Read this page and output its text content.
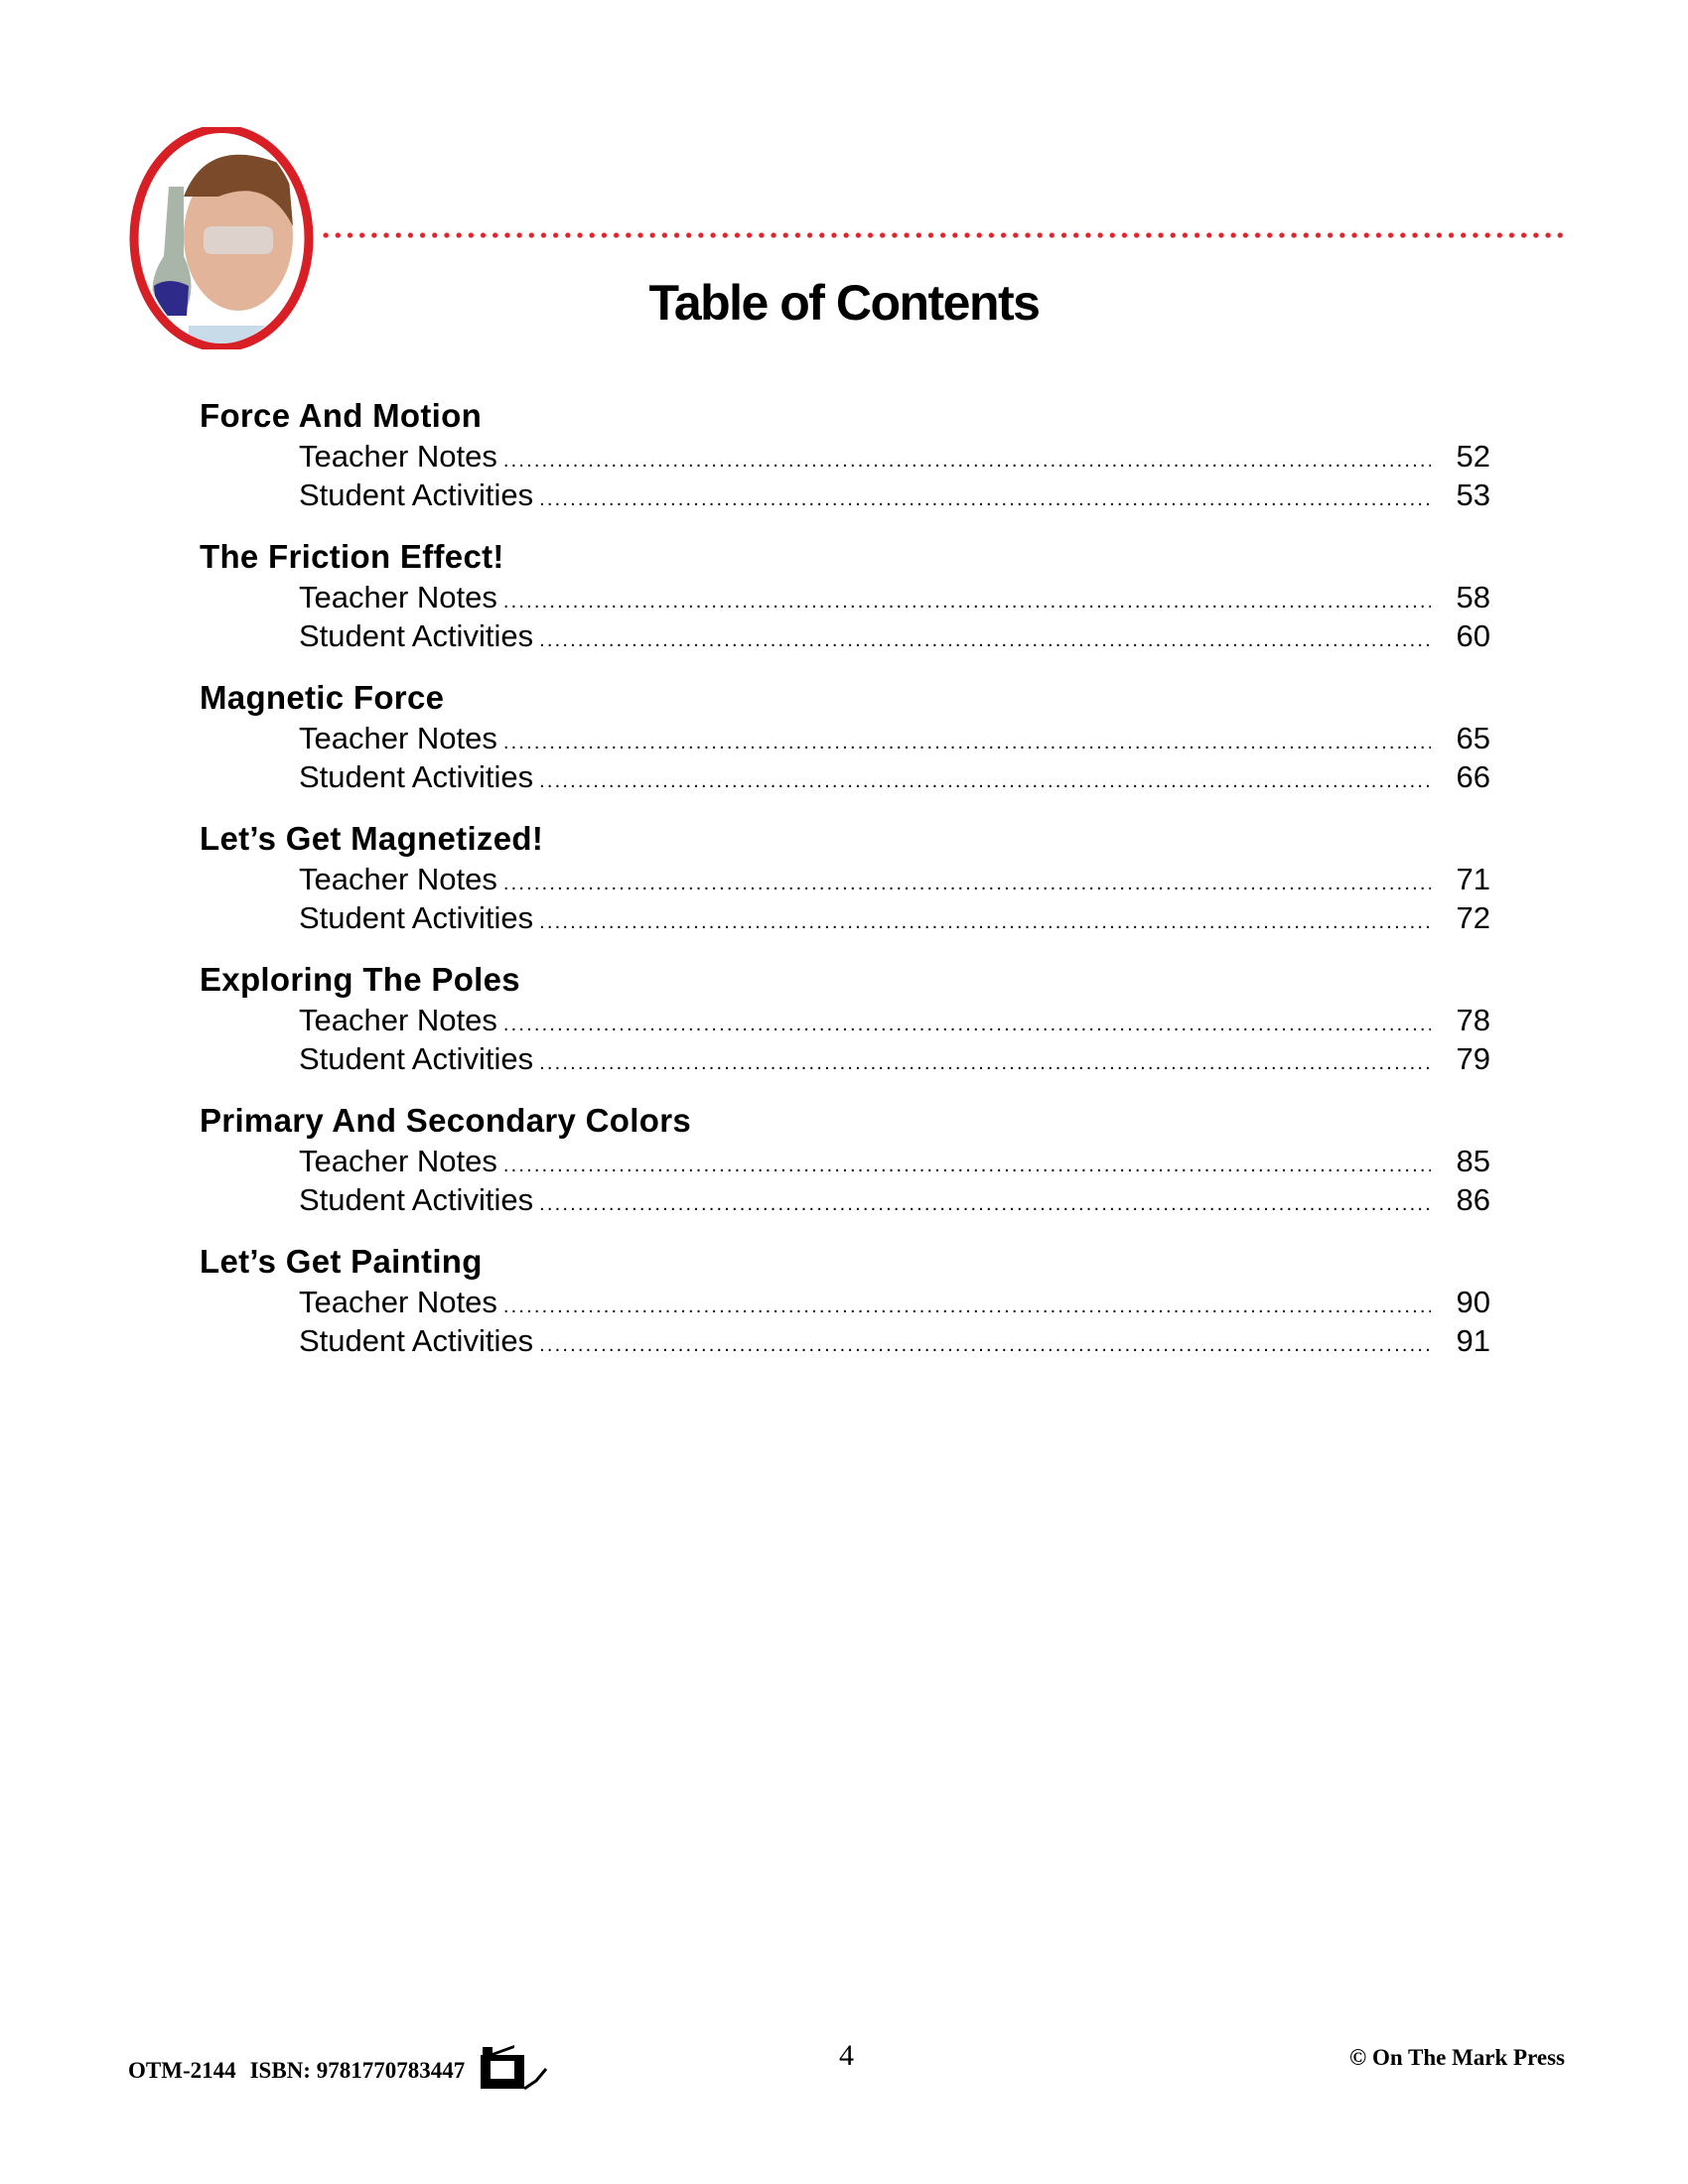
Table of Contents
Force And Motion
Teacher Notes .....	52
Student Activities .....	53
The Friction Effect!
Teacher Notes .....	58
Student Activities .....	60
Magnetic Force
Teacher Notes .....	65
Student Activities .....	66
Let’s Get Magnetized!
Teacher Notes .....	71
Student Activities .....	72
Exploring The Poles
Teacher Notes .....	78
Student Activities .....	79
Primary And Secondary Colors
Teacher Notes .....	85
Student Activities .....	86
Let’s Get Painting
Teacher Notes .....	90
Student Activities .....	91
OTM-2144 ISBN: 9781770783447	4	© On The Mark Press
